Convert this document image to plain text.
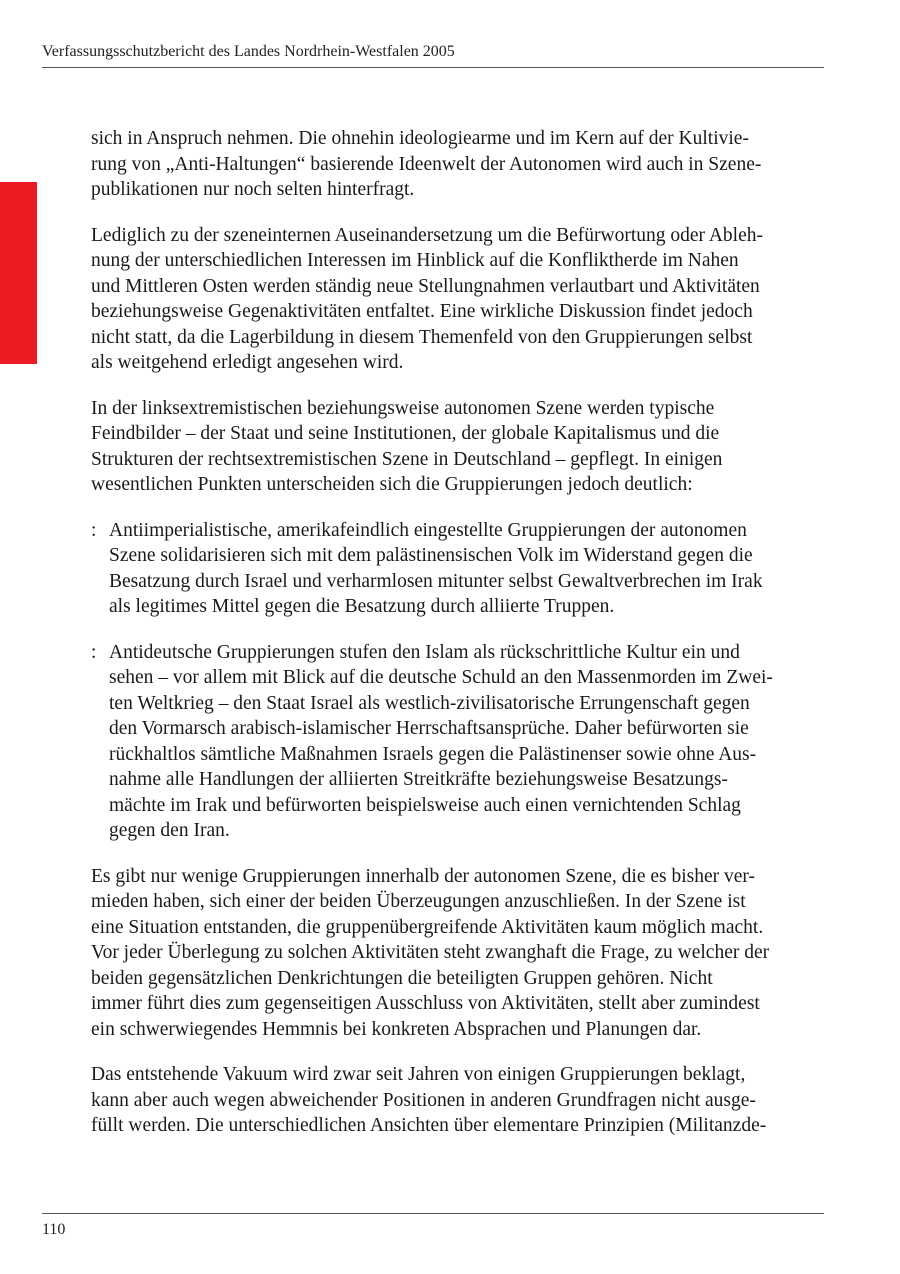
Verfassungsschutzbericht des Landes Nordrhein-Westfalen 2005

sich in Anspruch nehmen. Die ohnehin ideologiearme und im Kern auf der Kultivie-
rung von „Anti-Haltungen“ basierende Ideenwelt der Autonomen wird auch in Szene-
publikationen nur noch selten hinterfragt.

Lediglich zu der szeneinternen Auseinandersetzung um die Befürwortung oder Ableh-
nung der unterschiedlichen Interessen im Hinblick auf die Konfliktherde im Nahen
und Mittleren Osten werden ständig neue Stellungnahmen verlautbart und Aktivitäten
beziehungsweise Gegenaktivitäten entfaltet. Eine wirkliche Diskussion findet jedoch
nicht statt, da die Lagerbildung in diesem Themenfeld von den Gruppierungen selbst
als weitgehend erledigt angesehen wird.

In der linksextremistischen beziehungsweise autonomen Szene werden typische
Feindbilder – der Staat und seine Institutionen, der globale Kapitalismus und die
Strukturen der rechtsextremistischen Szene in Deutschland – gepflegt. In einigen
wesentlichen Punkten unterscheiden sich die Gruppierungen jedoch deutlich:

: Antiimperialistische, amerikafeindlich eingestellte Gruppierungen der autonomen
Szene solidarisieren sich mit dem palästinensischen Volk im Widerstand gegen die
Besatzung durch Israel und verharmlosen mitunter selbst Gewaltverbrechen im Irak
als legitimes Mittel gegen die Besatzung durch alliierte Truppen.
: Antideutsche Gruppierungen stufen den Islam als rückschrittliche Kultur ein und
sehen – vor allem mit Blick auf die deutsche Schuld an den Massenmorden im Zwei-
ten Weltkrieg – den Staat Israel als westlich-zivilisatorische Errungenschaft gegen
den Vormarsch arabisch-islamischer Herrschaftsansprüche. Daher befürworten sie
rückhaltlos sämtliche Maßnahmen Israels gegen die Palästinenser sowie ohne Aus-
nahme alle Handlungen der alliierten Streitkräfte beziehungsweise Besatzungs-
mächte im Irak und befürworten beispielsweise auch einen vernichtenden Schlag
gegen den Iran.

Es gibt nur wenige Gruppierungen innerhalb der autonomen Szene, die es bisher ver-
mieden haben, sich einer der beiden Überzeugungen anzuschließen. In der Szene ist
eine Situation entstanden, die gruppenübergreifende Aktivitäten kaum möglich macht.
Vor jeder Überlegung zu solchen Aktivitäten steht zwanghaft die Frage, zu welcher der
beiden gegensätzlichen Denkrichtungen die beteiligten Gruppen gehören. Nicht
immer führt dies zum gegenseitigen Ausschluss von Aktivitäten, stellt aber zumindest
ein schwerwiegendes Hemmnis bei konkreten Absprachen und Planungen dar.

Das entstehende Vakuum wird zwar seit Jahren von einigen Gruppierungen beklagt,
kann aber auch wegen abweichender Positionen in anderen Grundfragen nicht ausge-
füllt werden. Die unterschiedlichen Ansichten über elementare Prinzipien (Militanzde-

110
